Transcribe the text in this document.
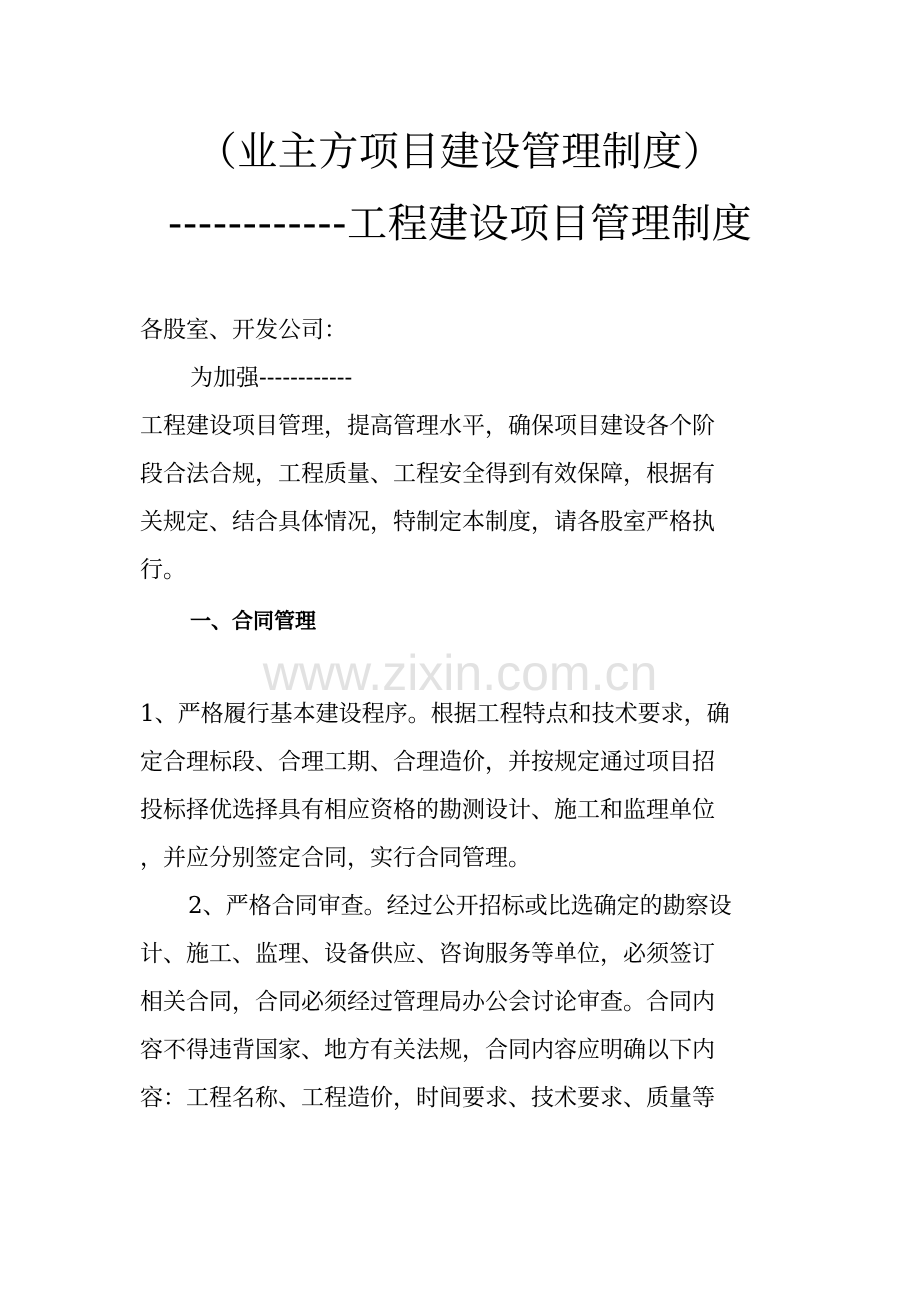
（业主方项目建设管理制度）
------------工程建设项目管理制度

各股室、开发公司：

为加强------------

工程建设项目管理，提高管理水平，确保项目建设各个阶
段合法合规，工程质量、工程安全得到有效保障，根据有
关规定、结合具体情况，特制定本制度，请各股室严格执
行。

一、合同管理
www.zixin.com.cn

1、严格履行基本建设程序。根据工程特点和技术要求，确
定合理标段、合理工期、合理造价，并按规定通过项目招
投标择优选择具有相应资格的勘测设计、施工和监理单位
，并应分别签定合同，实行合同管理。

2、严格合同审查。经过公开招标或比选确定的勘察设
计、施工、监理、设备供应、咨询服务等单位，必须签订
相关合同，合同必须经过管理局办公会讨论审查。合同内
容不得违背国家、地方有关法规，合同内容应明确以下内
容：工程名称、工程造价，时间要求、技术要求、质量等
